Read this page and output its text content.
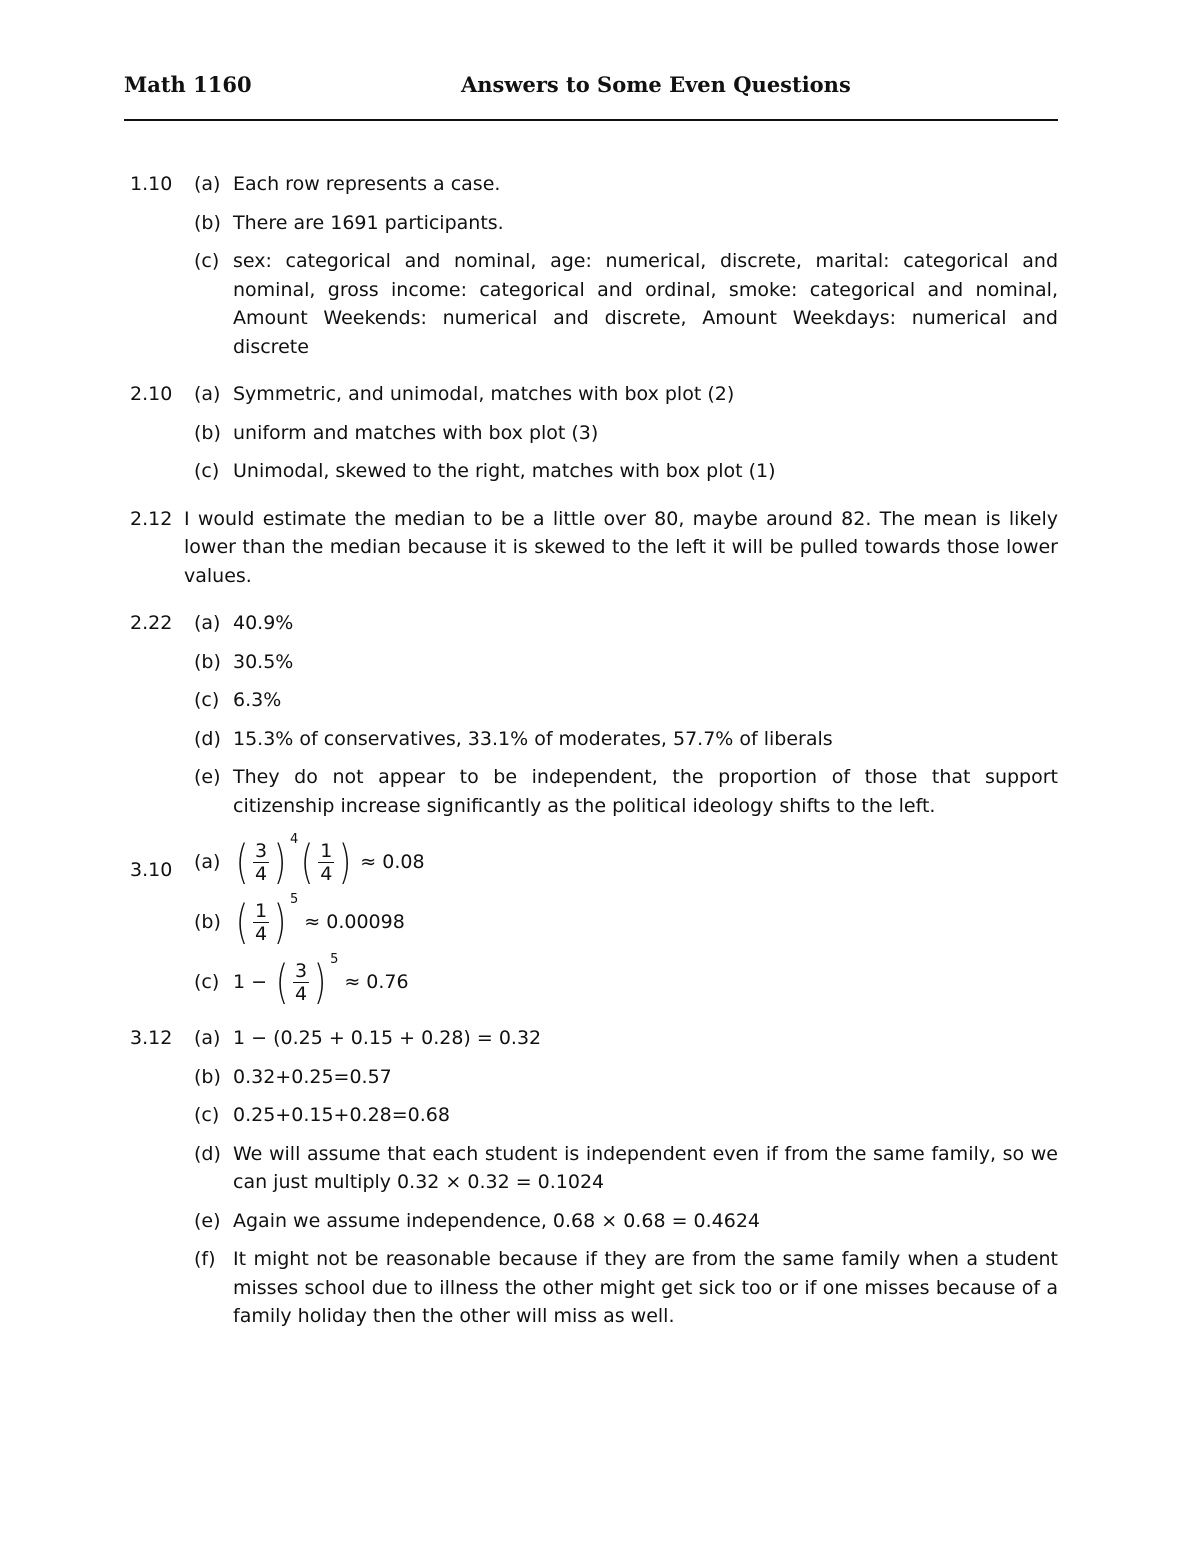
Math 1160	Answers to Some Even Questions
1.10 (a) Each row represents a case.
(b) There are 1691 participants.
(c) sex: categorical and nominal, age: numerical, discrete, marital: categorical and nominal, gross income: categorical and ordinal, smoke: categorical and nominal, Amount Weekends: numerical and discrete, Amount Weekdays: numerical and discrete
2.10 (a) Symmetric, and unimodal, matches with box plot (2)
(b) uniform and matches with box plot (3)
(c) Unimodal, skewed to the right, matches with box plot (1)
2.12 I would estimate the median to be a little over 80, maybe around 82. The mean is likely lower than the median because it is skewed to the left it will be pulled towards those lower values.
2.22 (a) 40.9%
(b) 30.5%
(c) 6.3%
(d) 15.3% of conservatives, 33.1% of moderates, 57.7% of liberals
(e) They do not appear to be independent, the proportion of those that support citizenship increase significantly as the political ideology shifts to the left.
3.10 (a) ( $\frac{3}{4}$ ) 4 ( $\frac{1}{4}$ ) ≈ 0.08
(b) ( $\frac{1}{4}$ ) 5
≈ 0.00098
(c) 1 − ( $\frac{3}{4}$ ) 5
≈ 0.76
3.12 (a) 1 − (0.25 + 0.15 + 0.28) = 0.32
(b) 0.32+0.25=0.57
(c) 0.25+0.15+0.28=0.68
(d) We will assume that each student is independent even if from the same family, so we can just multiply 0.32 × 0.32 = 0.1024
(e) Again we assume independence, 0.68 × 0.68 = 0.4624
(f) It might not be reasonable because if they are from the same family when a student misses school due to illness the other might get sick too or if one misses because of a family holiday then the other will miss as well.
